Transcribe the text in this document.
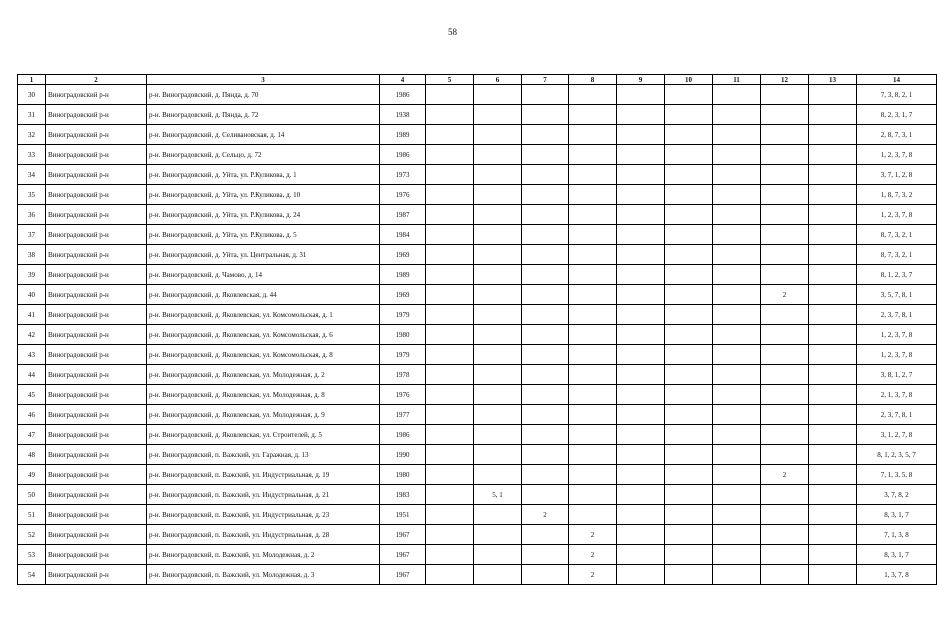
58
1	2	3	4	5	6	7	8	9	10	11	12	13	14
30	Виноградовский р-н	р-н. Виноградовский, д. Пянда, д. 70	1986										7, 3, 8, 2, 1
31	Виноградовский р-н	р-н. Виноградовский, д. Пянда, д. 72	1938										8, 2, 3, 1, 7
32	Виноградовский р-н	р-н. Виноградовский, д. Селивановская, д. 14	1989										2, 8, 7, 3, 1
33	Виноградовский р-н	р-н. Виноградовский, д. Сельцо, д. 72	1986										1, 2, 3, 7, 8
34	Виноградовский р-н	р-н. Виноградовский, д. Уйта, ул. Р.Куликова, д. 1	1973										3, 7, 1, 2, 8
35	Виноградовский р-н	р-н. Виноградовский, д. Уйта, ул. Р.Куликова, д. 10	1976										1, 8, 7, 3, 2
36	Виноградовский р-н	р-н. Виноградовский, д. Уйта, ул. Р.Куликова, д. 24	1987										1, 2, 3, 7, 8
37	Виноградовский р-н	р-н. Виноградовский, д. Уйта, ул. Р.Куликова, д. 5	1984										8, 7, 3, 2, 1
38	Виноградовский р-н	р-н. Виноградовский, д. Уйта, ул. Центральная, д. 31	1969										8, 7, 3, 2, 1
39	Виноградовский р-н	р-н. Виноградовский, д. Чамово, д. 14	1989										8, 1, 2, 3, 7
40	Виноградовский р-н	р-н. Виноградовский, д. Яковлевская, д. 44	1969								2		3, 5, 7, 8, 1
41	Виноградовский р-н	р-н. Виноградовский, д. Яковлевская, ул. Комсомольская, д. 1	1979										2, 3, 7, 8, 1
42	Виноградовский р-н	р-н. Виноградовский, д. Яковлевская, ул. Комсомольская, д. 6	1980										1, 2, 3, 7, 8
43	Виноградовский р-н	р-н. Виноградовский, д. Яковлевская, ул. Комсомольская, д. 8	1979										1, 2, 3, 7, 8
44	Виноградовский р-н	р-н. Виноградовский, д. Яковлевская, ул. Молодежная, д. 2	1978										3, 8, 1, 2, 7
45	Виноградовский р-н	р-н. Виноградовский, д. Яковлевская, ул. Молодежная, д. 8	1976										2, 1, 3, 7, 8
46	Виноградовский р-н	р-н. Виноградовский, д. Яковлевская, ул. Молодежная, д. 9	1977										2, 3, 7, 8, 1
47	Виноградовский р-н	р-н. Виноградовский, д. Яковлевская, ул. Строителей, д. 5	1986										3, 1, 2, 7, 8
48	Виноградовский р-н	р-н. Виноградовский, п. Важский, ул. Гаражная, д. 13	1990										8, 1, 2, 3, 5, 7
49	Виноградовский р-н	р-н. Виноградовский, п. Важский, ул. Индустриальная, д. 19	1980								2		7, 1, 3, 5, 8
50	Виноградовский р-н	р-н. Виноградовский, п. Важский, ул. Индустриальная, д. 21	1983		5, 1								3, 7, 8, 2
51	Виноградовский р-н	р-н. Виноградовский, п. Важский, ул. Индустриальная, д. 23	1951			2							8, 3, 1, 7
52	Виноградовский р-н	р-н. Виноградовский, п. Важский, ул. Индустриальная, д. 28	1967				2						7, 1, 3, 8
53	Виноградовский р-н	р-н. Виноградовский, п. Важский, ул. Молодежная, д. 2	1967				2						8, 3, 1, 7
54	Виноградовский р-н	р-н. Виноградовский, п. Важский, ул. Молодежная, д. 3	1967				2						1, 3, 7, 8
